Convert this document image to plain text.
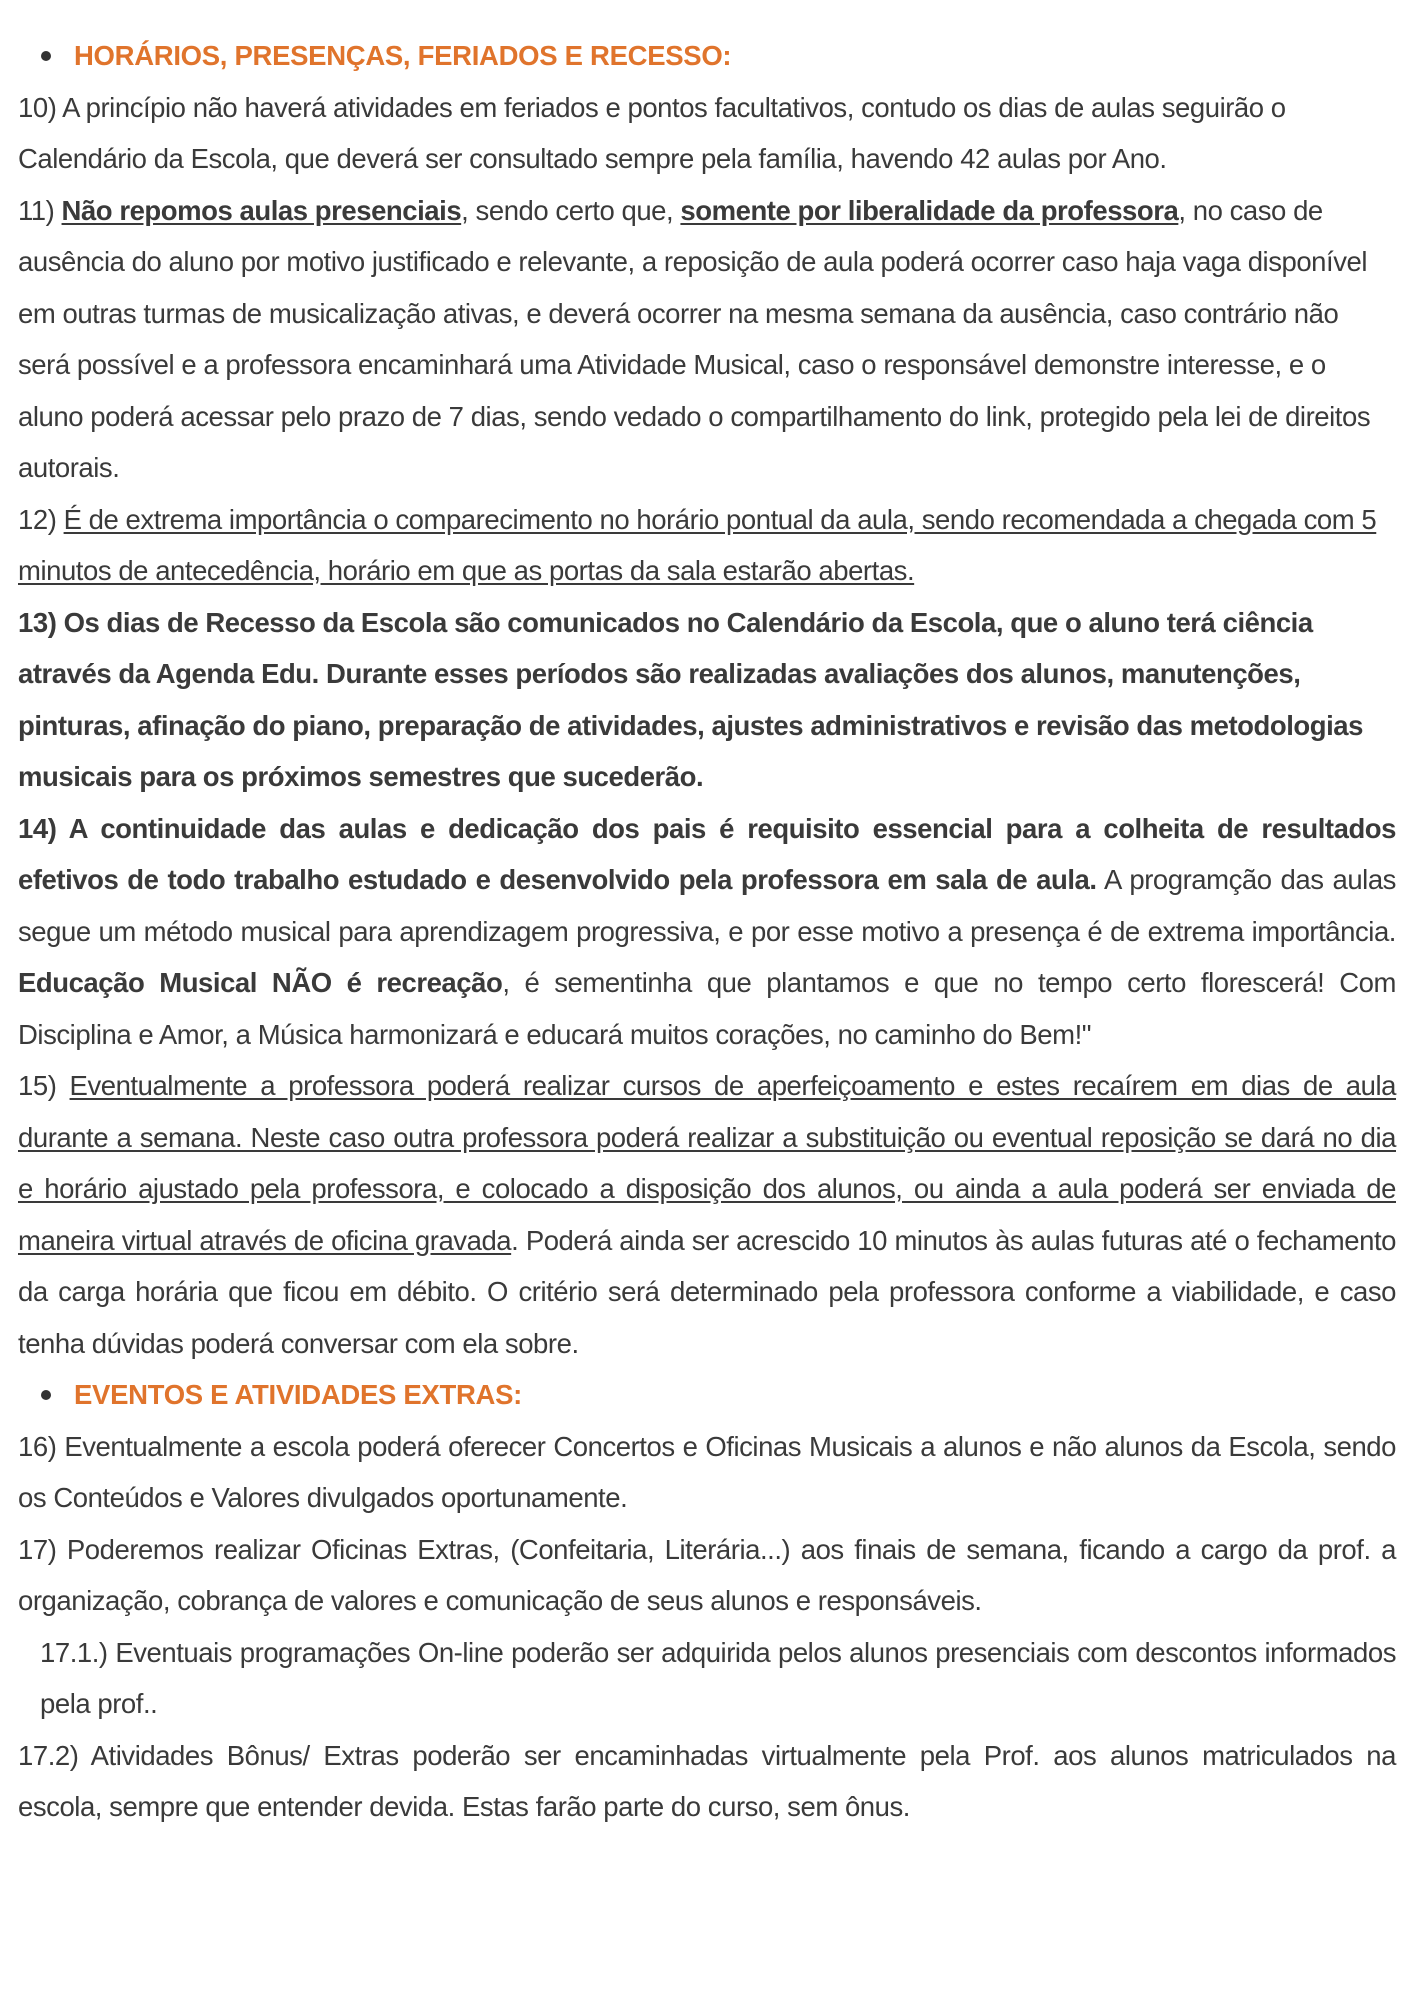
HORÁRIOS, PRESENÇAS, FERIADOS E RECESSO:

10) A princípio não haverá atividades em feriados e pontos facultativos, contudo os dias de aulas seguirão o Calendário da Escola, que deverá ser consultado sempre pela família, havendo 42 aulas por Ano.

11) Não repomos aulas presenciais, sendo certo que, somente por liberalidade da professora, no caso de ausência do aluno por motivo justificado e relevante, a reposição de aula poderá ocorrer caso haja vaga disponível em outras turmas de musicalização ativas, e deverá ocorrer na mesma semana da ausência, caso contrário não será possível e a professora encaminhará uma Atividade Musical, caso o responsável demonstre interesse, e o aluno poderá acessar pelo prazo de 7 dias, sendo vedado o compartilhamento do link, protegido pela lei de direitos autorais.

12) É de extrema importância o comparecimento no horário pontual da aula, sendo recomendada a chegada com 5 minutos de antecedência, horário em que as portas da sala estarão abertas.

13) Os dias de Recesso da Escola são comunicados no Calendário da Escola, que o aluno terá ciência através da Agenda Edu. Durante esses períodos são realizadas avaliações dos alunos, manutenções, pinturas, afinação do piano, preparação de atividades, ajustes administrativos e revisão das metodologias musicais para os próximos semestres que sucederão.

14) A continuidade das aulas e dedicação dos pais é requisito essencial para a colheita de resultados efetivos de todo trabalho estudado e desenvolvido pela professora em sala de aula. A programção das aulas segue um método musical para aprendizagem progressiva, e por esse motivo a presença é de extrema importância. Educação Musical NÃO é recreação, é sementinha que plantamos e que no tempo certo florescerá! Com Disciplina e Amor, a Música harmonizará e educará muitos corações, no caminho do Bem!"

15) Eventualmente a professora poderá realizar cursos de aperfeiçoamento e estes recaírem em dias de aula durante a semana. Neste caso outra professora poderá realizar a substituição ou eventual reposição se dará no dia e horário ajustado pela professora, e colocado a disposição dos alunos, ou ainda a aula poderá ser enviada de maneira virtual através de oficina gravada. Poderá ainda ser acrescido 10 minutos às aulas futuras até o fechamento da carga horária que ficou em débito. O critério será determinado pela professora conforme a viabilidade, e caso tenha dúvidas poderá conversar com ela sobre.

EVENTOS E ATIVIDADES EXTRAS:

16) Eventualmente a escola poderá oferecer Concertos e Oficinas Musicais a alunos e não alunos da Escola, sendo os Conteúdos e Valores divulgados oportunamente.

17) Poderemos realizar Oficinas Extras, (Confeitaria, Literária...) aos finais de semana, ficando a cargo da prof. a organização, cobrança de valores e comunicação de seus alunos e responsáveis.

17.1.) Eventuais programações On-line poderão ser adquirida pelos alunos presenciais com descontos informados pela prof..

17.2) Atividades Bônus/ Extras poderão ser encaminhadas virtualmente pela Prof. aos alunos matriculados na escola, sempre que entender devida. Estas farão parte do curso, sem ônus.
